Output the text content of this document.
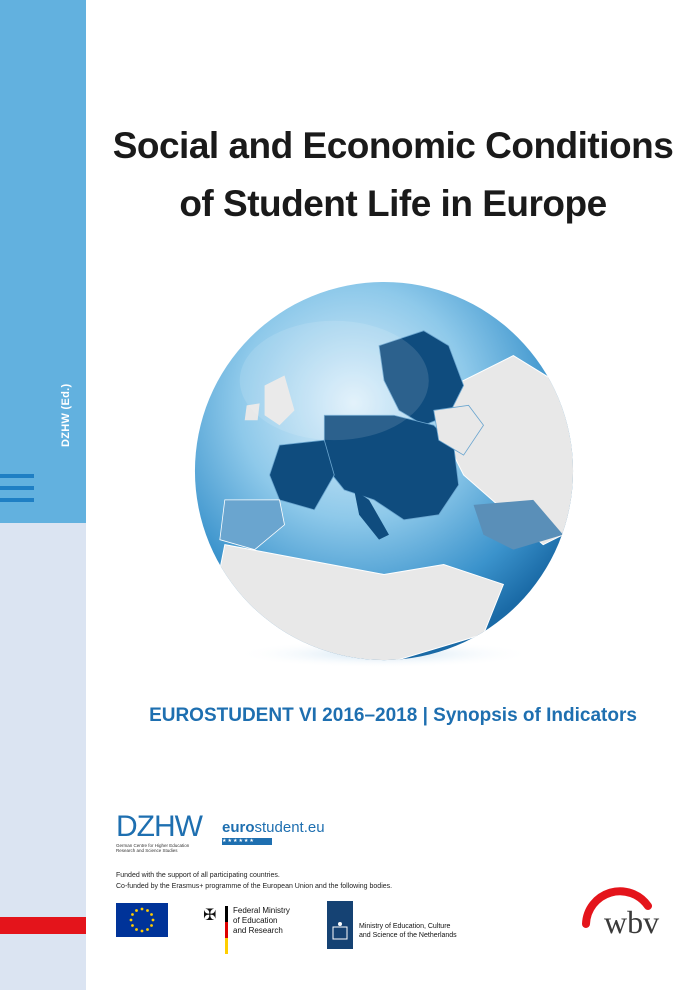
DZHW (Ed.)
Social and Economic Conditions
of Student Life in Europe
EUROSTUDENT VI 2016–2018 | Synopsis of Indicators
DZHW
German Centre for Higher Education Research and Science Studies
eurostudent.eu
★★★★★★
Funded with the support of all participating countries.
Co-funded by the Erasmus+ programme of the European Union and the following bodies.
✠ Federal Ministry
of Education
and Research	Ministry of Education, Culture
and Science of the Netherlands	wbv
